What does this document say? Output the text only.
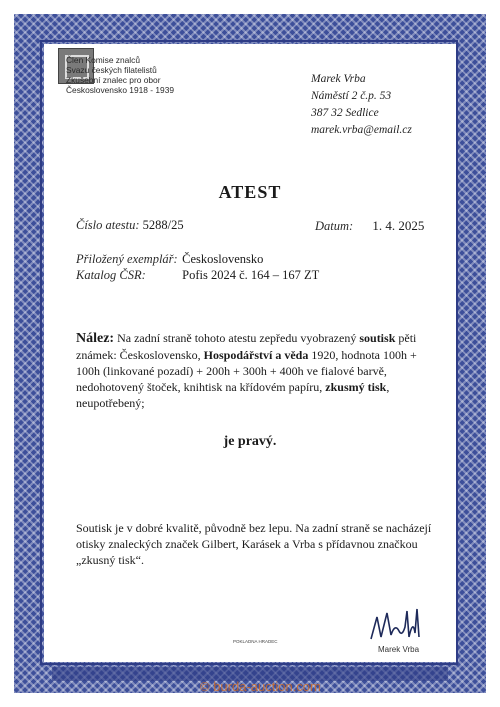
Člen Komise znalců
Svazu českých filatelistů
Zkušební znalec pro obor
Československo 1918 - 1939
Marek Vrba
Náměstí 2 č.p. 53
387 32 Sedlice
marek.vrba@email.cz
ATEST
Číslo atestu: 5288/25	Datum: 1. 4. 2025
Přiložený exemplář: Československo
Katalog ČSR:	Pofis 2024 č. 164 – 167 ZT
Nález: Na zadní straně tohoto atestu zepředu vyobrazený soutisk pěti známek: Československo, Hospodářství a věda 1920, hodnota 100h + 100h (linkované pozadí) + 200h + 300h + 400h ve fialové barvě, nedohotovený štoček, knihtisk na křídovém papíru, zkusmý tisk, neupotřebený;
je pravý.
Soutisk je v dobré kvalitě, původně bez lepu. Na zadní straně se nacházejí otisky znaleckých značek Gilbert, Karásek a Vrba s přídavnou značkou „zkusný tisk“.
POKLADNA HRADEC
Marek Vrba
© burda-auction.com
